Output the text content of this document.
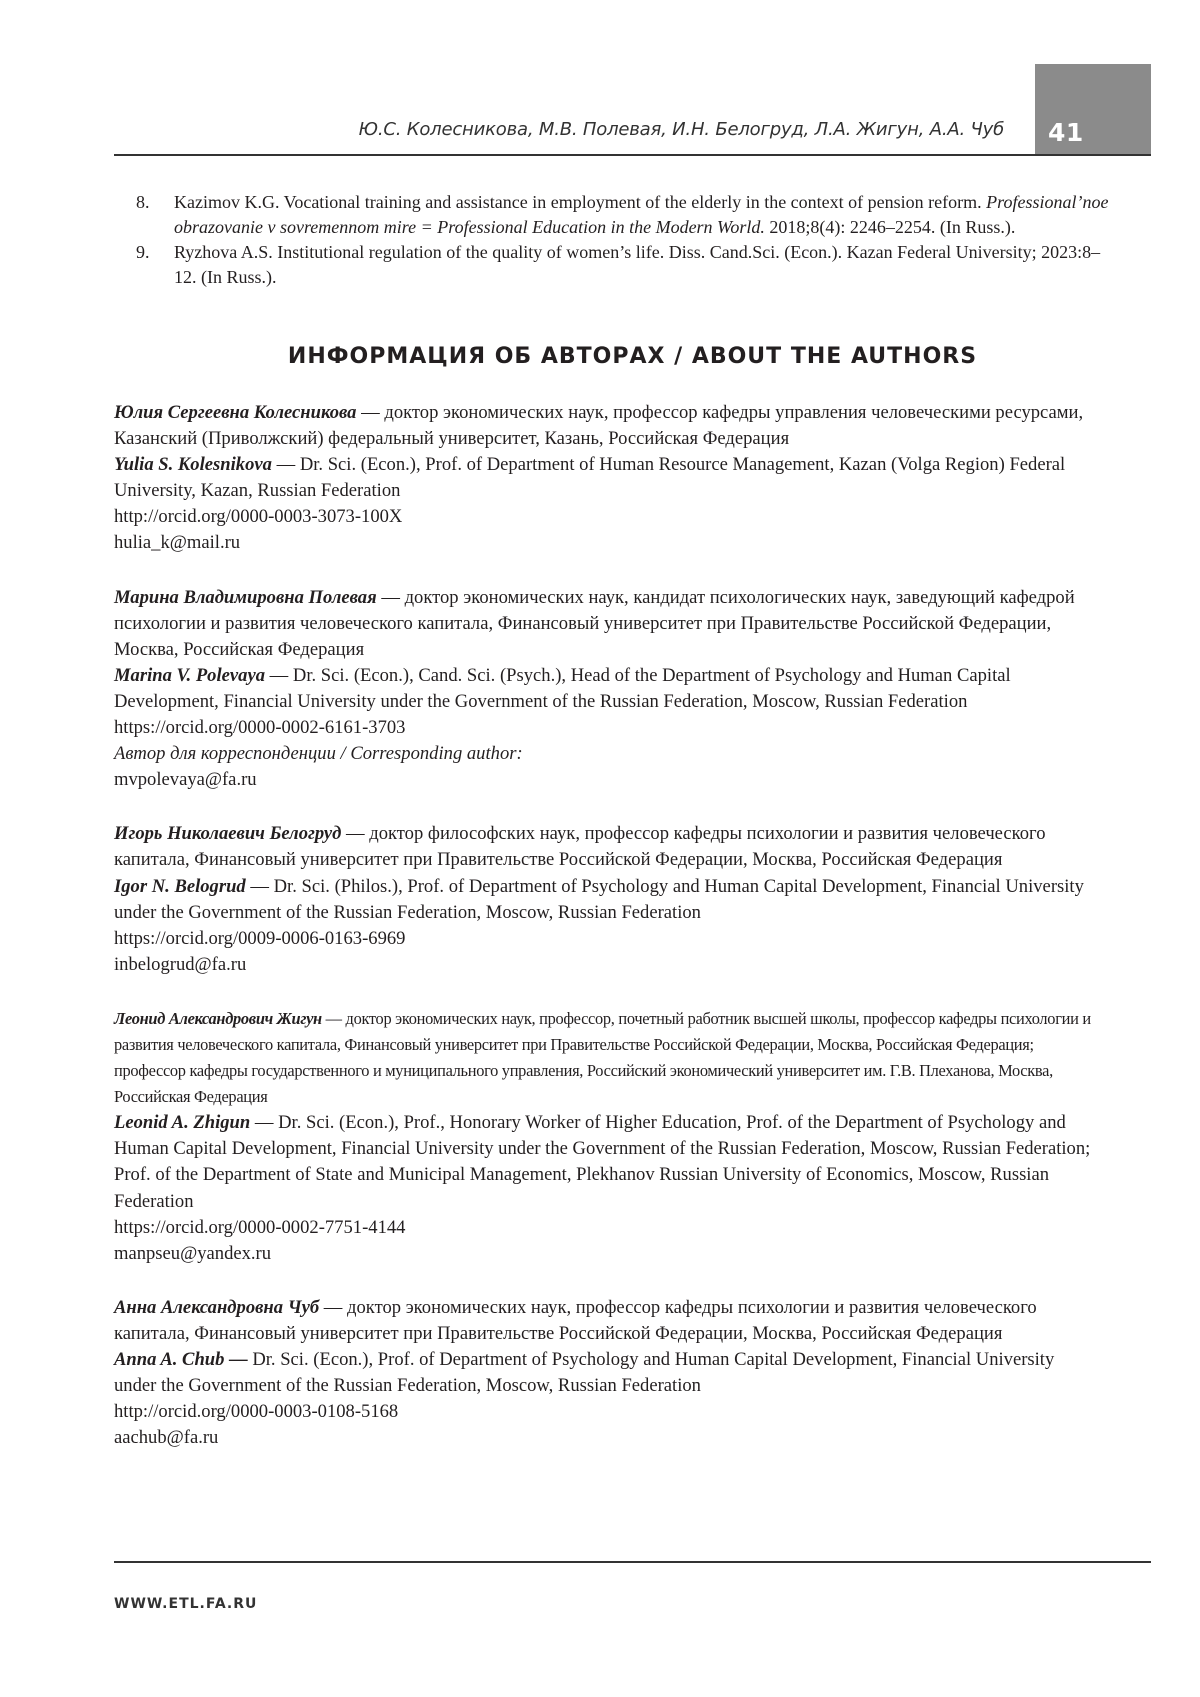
41
Ю.С. Колесникова, М.В. Полевая, И.Н. Белогруд, Л.А. Жигун, А.А. Чуб
8. Kazimov K.G. Vocational training and assistance in employment of the elderly in the context of pension reform. Professional’noe obrazovanie v sovremennom mire = Professional Education in the Modern World. 2018;8(4): 2246–2254. (In Russ.).
9. Ryzhova A.S. Institutional regulation of the quality of women’s life. Diss. Cand.Sci. (Econ.). Kazan Federal University; 2023:8–12. (In Russ.).
ИНФОРМАЦИЯ ОБ АВТОРАХ / ABOUT THE AUTHORS

Юлия Сергеевна Колесникова — доктор экономических наук, профессор кафедры управления человеческими ресурсами, Казанский (Приволжский) федеральный университет, Казань, Российская Федерация

Yulia S. Kolesnikova — Dr. Sci. (Econ.), Prof. of Department of Human Resource Management, Kazan (Volga Region) Federal University, Kazan, Russian Federation

http://orcid.org/0000-0003-3073-100X

hulia_k@mail.ru

Марина Владимировна Полевая — доктор экономических наук, кандидат психологических наук, заведующий кафедрой психологии и развития человеческого капитала, Финансовый университет при Правительстве Российской Федерации, Москва, Российская Федерация

Marina V. Polevaya — Dr. Sci. (Econ.), Cand. Sci. (Psych.), Head of the Department of Psychology and Human Capital Development, Financial University under the Government of the Russian Federation, Moscow, Russian Federation https://orcid.org/0000-0002-6161-3703

Автор для корреспонденции / Corresponding author:

mvpolevaya@fa.ru

Игорь Николаевич Белогруд — доктор философских наук, профессор кафедры психологии и развития человеческого капитала, Финансовый университет при Правительстве Российской Федерации, Москва, Российская Федерация

Igor N. Belogrud — Dr. Sci. (Philos.), Prof. of Department of Psychology and Human Capital Development, Financial University under the Government of the Russian Federation, Moscow, Russian Federation

https://orcid.org/0009-0006-0163-6969

inbelogrud@fa.ru

Леонид Александрович Жигун — доктор экономических наук, профессор, почетный работник высшей школы, профессор кафедры психологии и развития человеческого капитала, Финансовый университет при Правительстве Российской Федерации, Москва, Российская Федерация; профессор кафедры государственного и муниципального управления, Российский экономический университет им. Г.В. Плеханова, Москва, Российская Федерация

Leonid A. Zhigun — Dr. Sci. (Econ.), Prof., Honorary Worker of Higher Education, Prof. of the Department of Psychology and Human Capital Development, Financial University under the Government of the Russian Federation, Moscow, Russian Federation; Prof. of the Department of State and Municipal Management, Plekhanov Russian University of Economics, Moscow, Russian Federation

https://orcid.org/0000-0002-7751-4144

manpseu@yandex.ru

Анна Александровна Чуб — доктор экономических наук, профессор кафедры психологии и развития человеческого капитала, Финансовый университет при Правительстве Российской Федерации, Москва, Российская Федерация

Anna A. Chub — Dr. Sci. (Econ.), Prof. of Department of Psychology and Human Capital Development, Financial University under the Government of the Russian Federation, Moscow, Russian Federation

http://orcid.org/0000-0003-0108-5168

aachub@fa.ru

WWW.ETL.FA.RU
